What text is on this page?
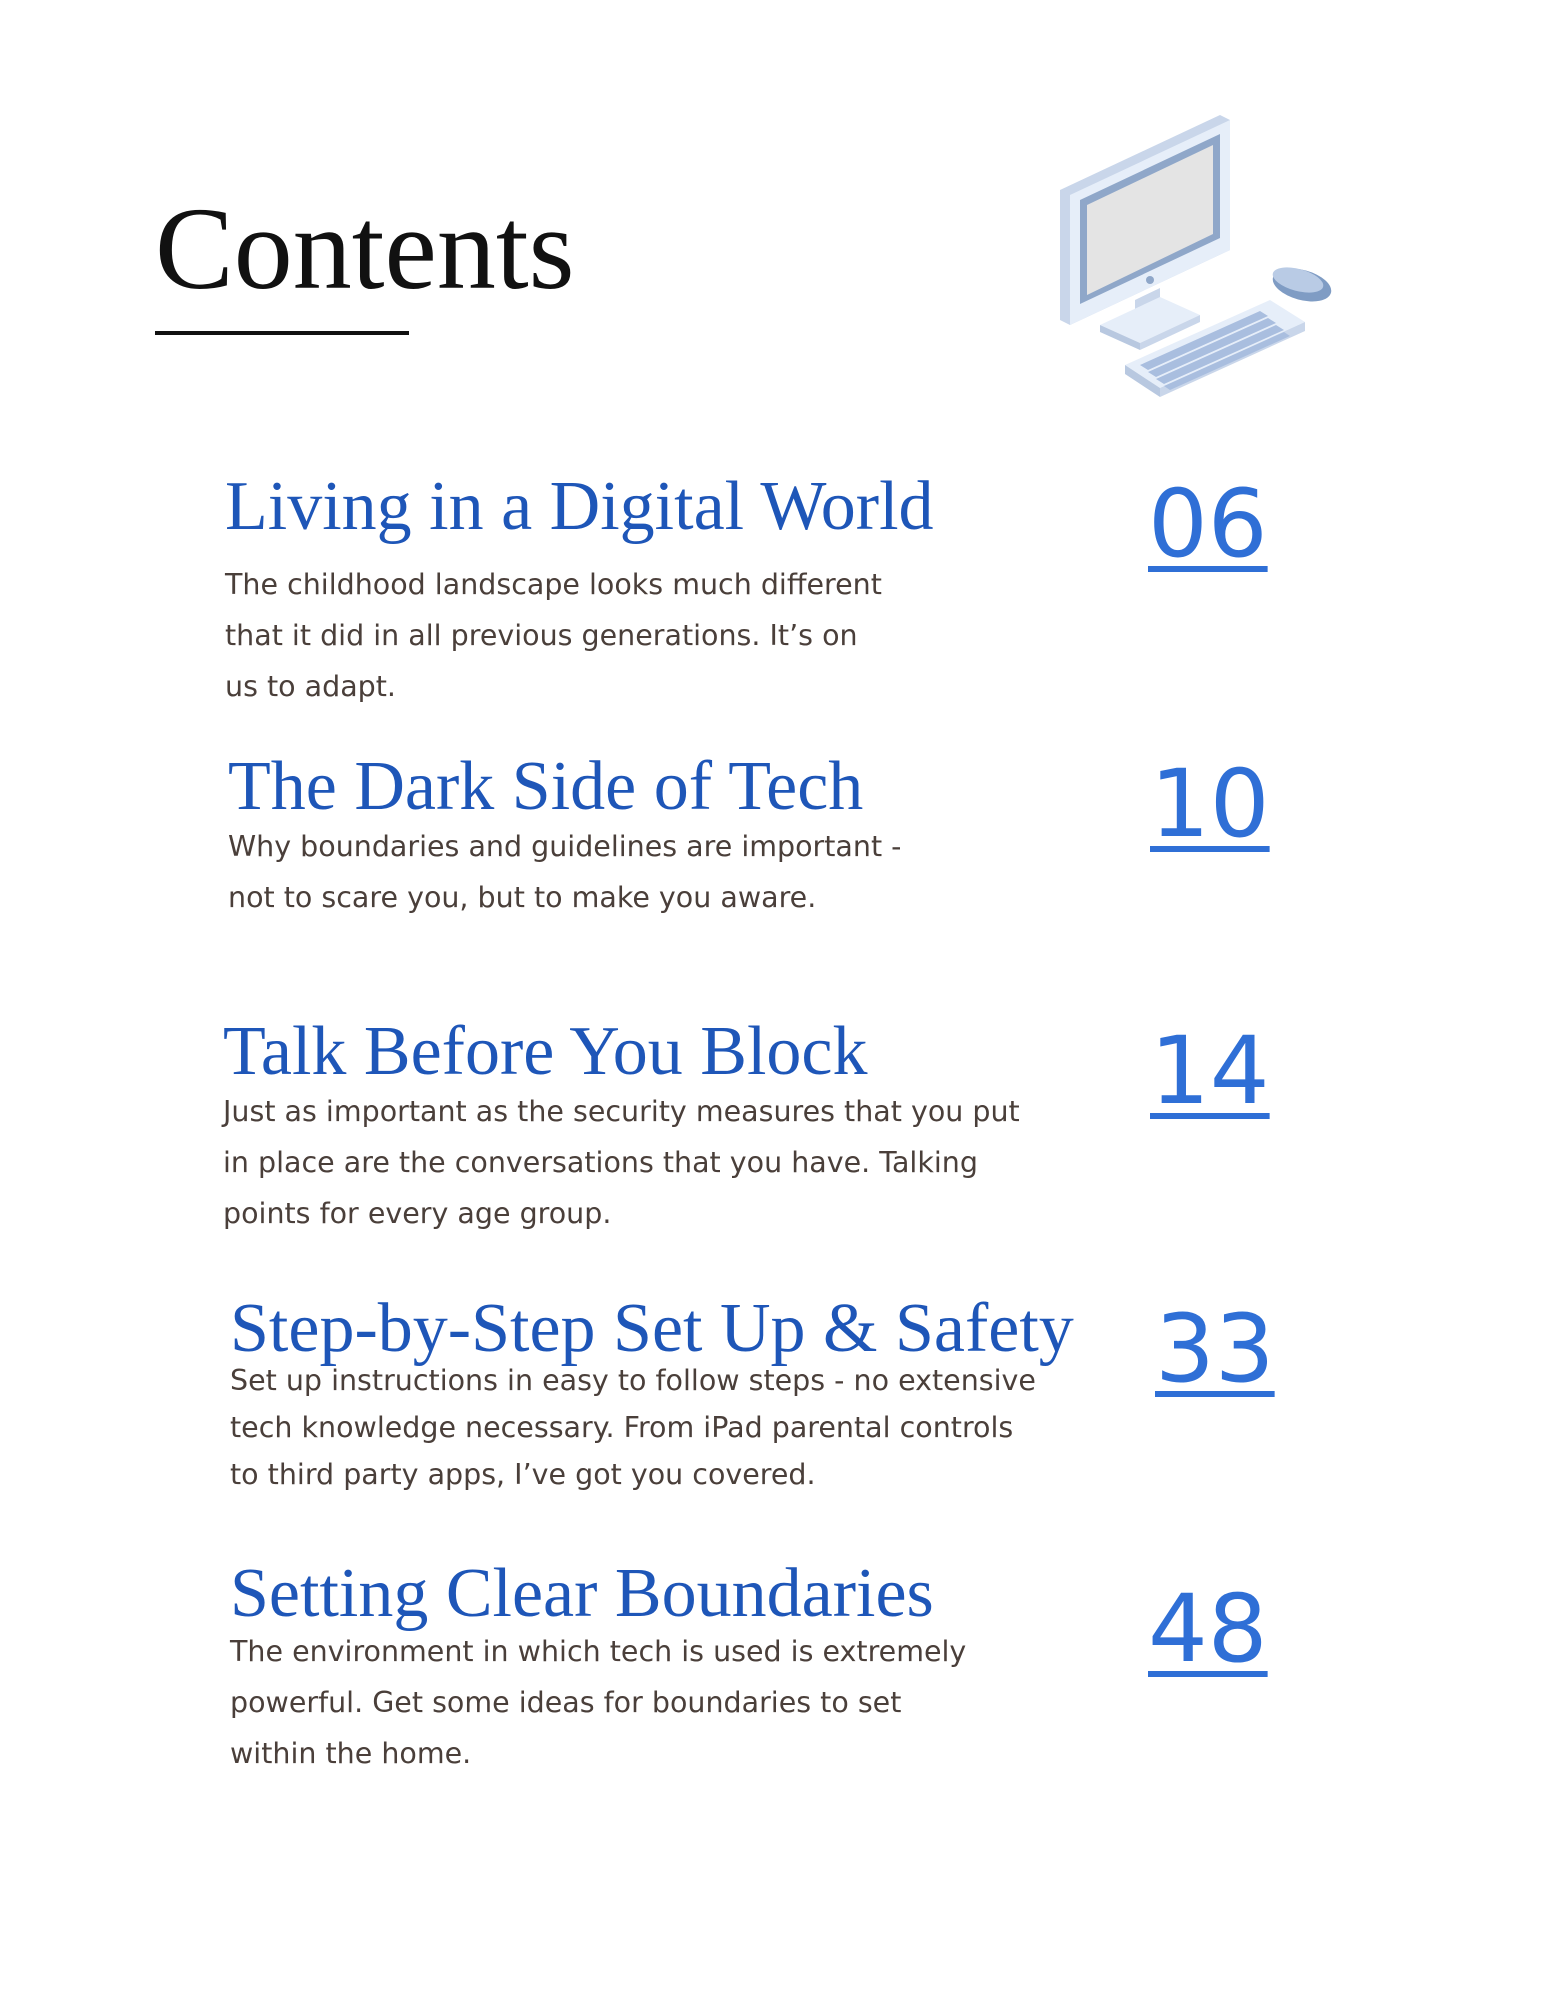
Contents
Living in a Digital World

The childhood landscape looks much different
that it did in all previous generations. It’s on
us to adapt.

06
The Dark Side of Tech

Why boundaries and guidelines are important -
not to scare you, but to make you aware.

10
Talk Before You Block

Just as important as the security measures that you put
in place are the conversations that you have. Talking
points for every age group.

14
Step-by-Step Set Up & Safety

Set up instructions in easy to follow steps - no extensive
tech knowledge necessary. From iPad parental controls
to third party apps, I’ve got you covered.

33
Setting Clear Boundaries

The environment in which tech is used is extremely
powerful. Get some ideas for boundaries to set
within the home.

48
